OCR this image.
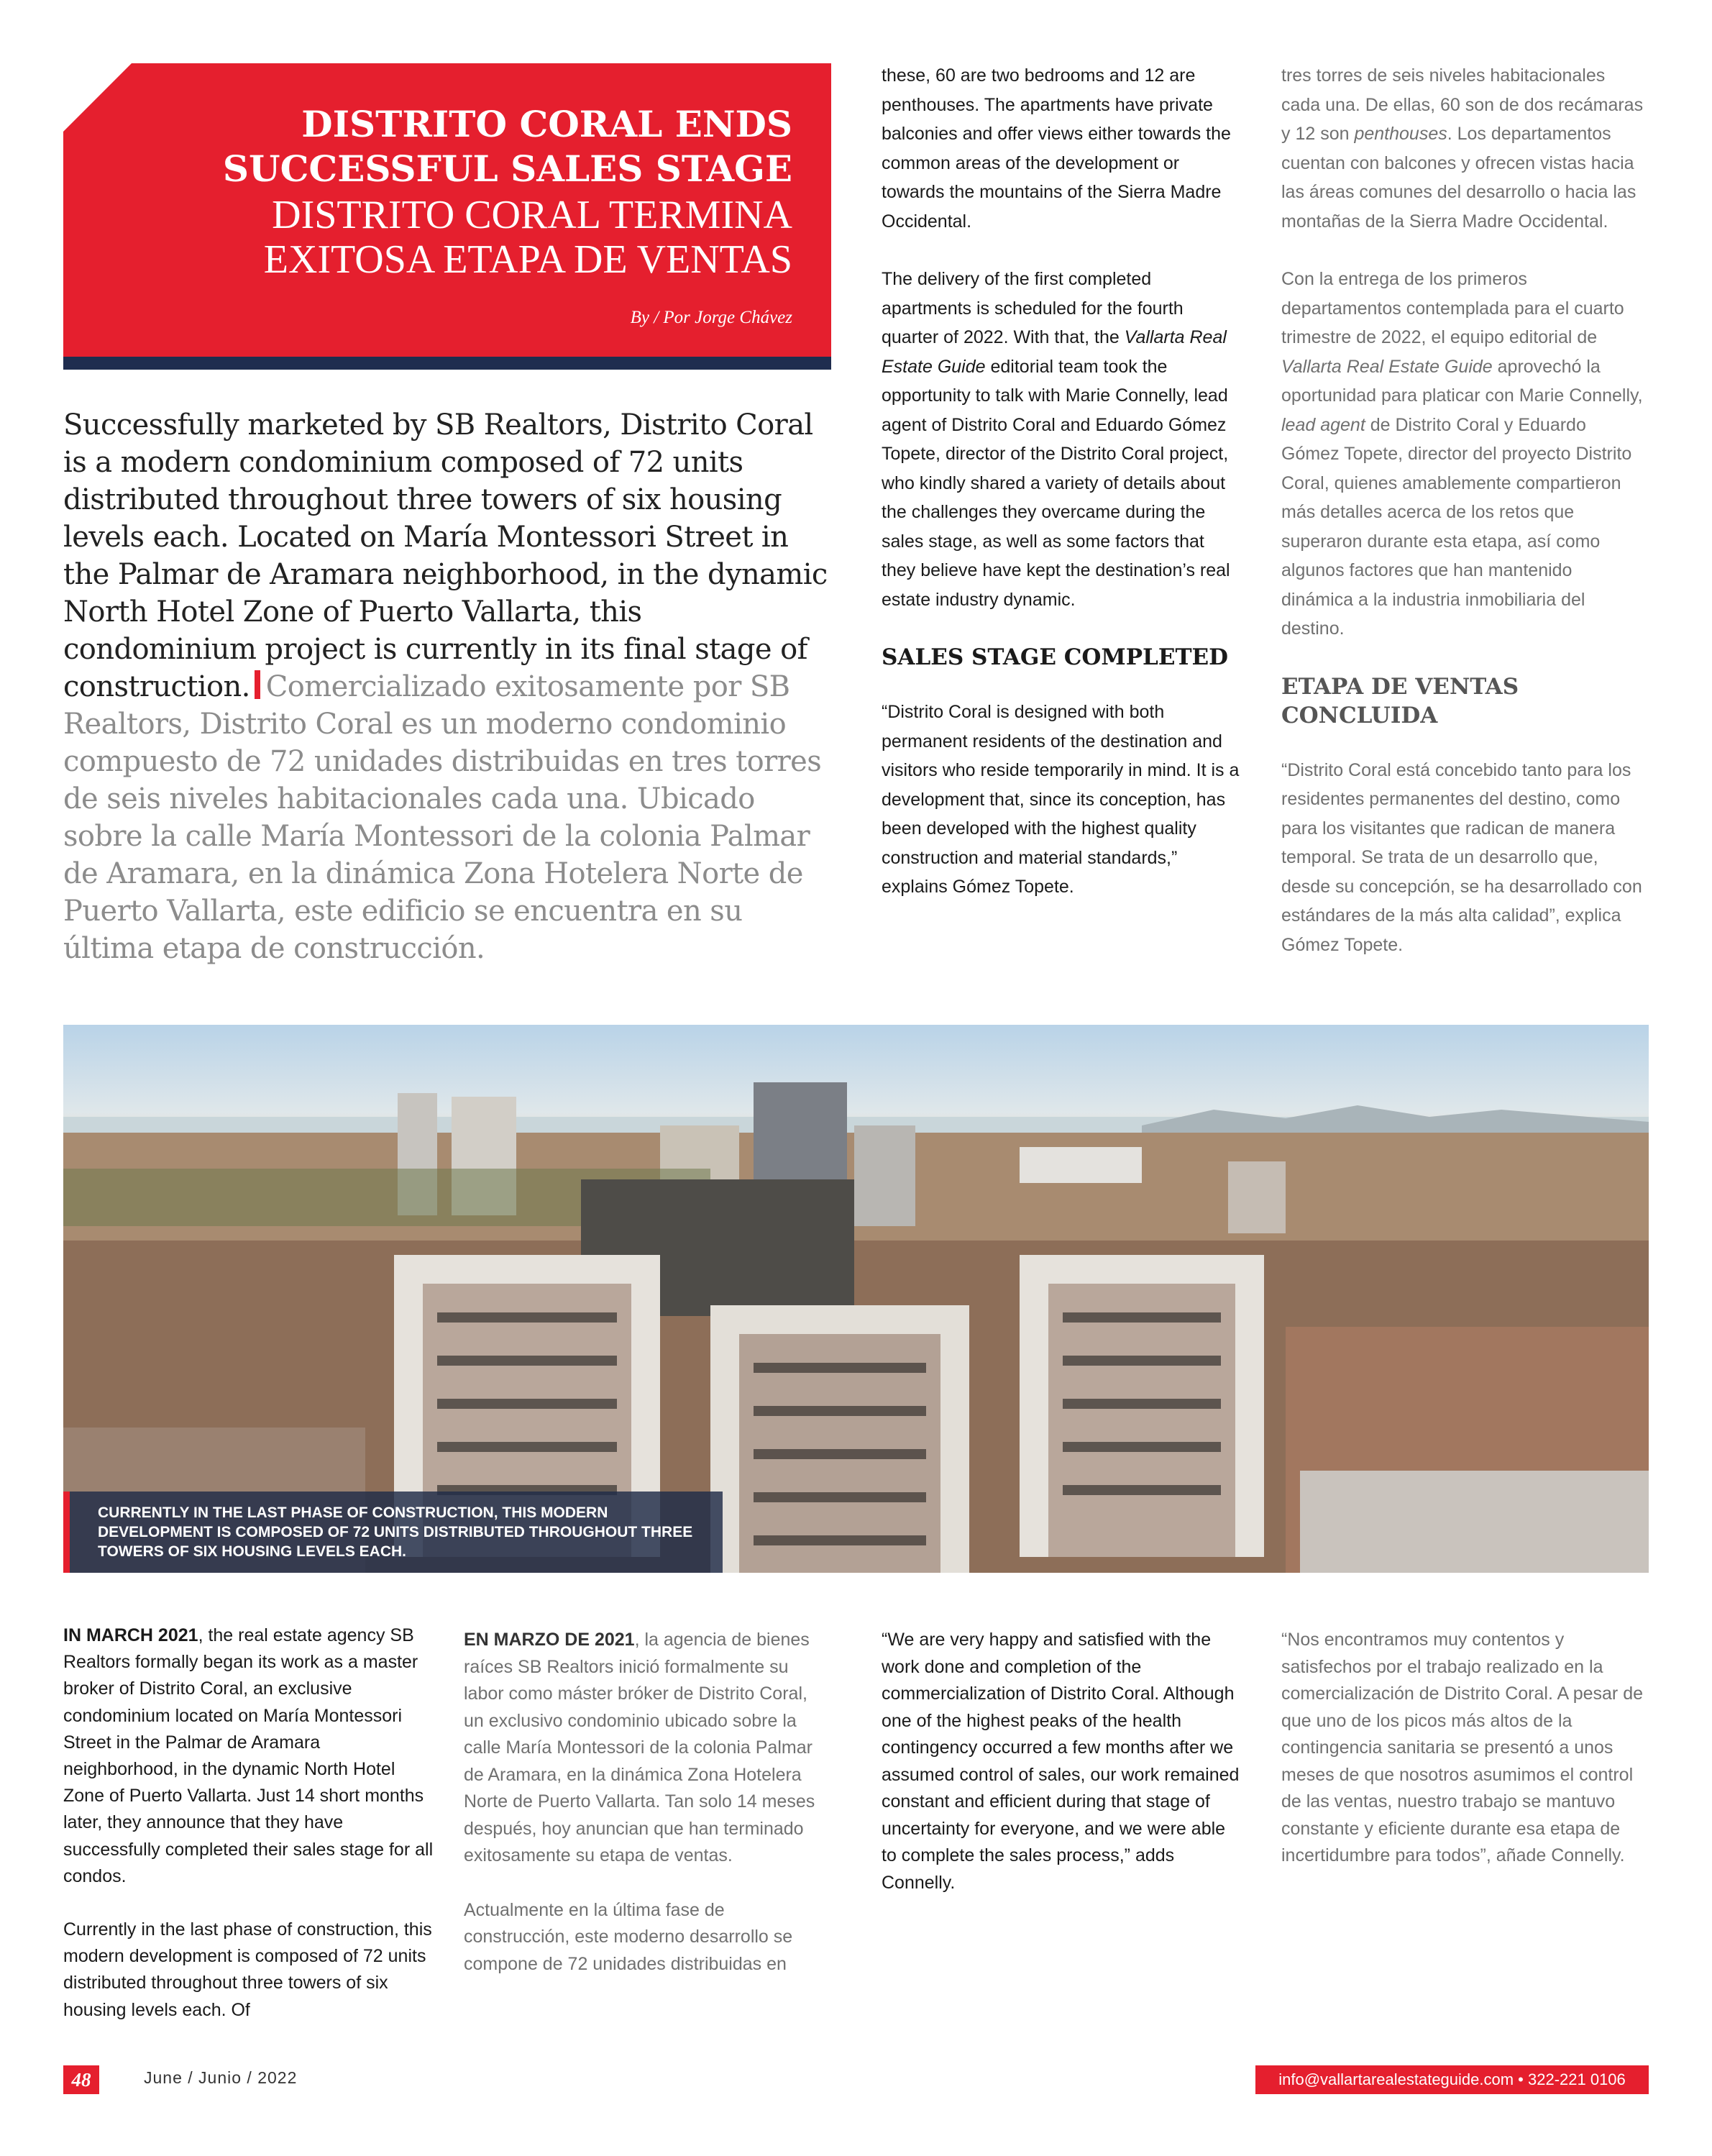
DISTRITO CORAL ENDS
SUCCESSFUL SALES STAGE
DISTRITO CORAL TERMINA
EXITOSA ETAPA DE VENTAS
By / Por Jorge Chávez
Successfully marketed by SB Realtors, Distrito Coral is a modern condominium composed of 72 units distributed throughout three towers of six housing levels each. Located on María Montessori Street in the Palmar de Aramara neighborhood, in the dynamic North Hotel Zone of Puerto Vallarta, this condominium project is currently in its final stage of construction. Comercializado exitosamente por SB Realtors, Distrito Coral es un moderno condominio compuesto de 72 unidades distribuidas en tres torres de seis niveles habitacionales cada una. Ubicado sobre la calle María Montessori de la colonia Palmar de Aramara, en la dinámica Zona Hotelera Norte de Puerto Vallarta, este edificio se encuentra en su última etapa de construcción.

these, 60 are two bedrooms and 12 are penthouses. The apartments have private balconies and offer views either towards the common areas of the development or towards the mountains of the Sierra Madre Occidental.

The delivery of the first completed apartments is scheduled for the fourth quarter of 2022. With that, the Vallarta Real Estate Guide editorial team took the opportunity to talk with Marie Connelly, lead agent of Distrito Coral and Eduardo Gómez Topete, director of the Distrito Coral project, who kindly shared a variety of details about the challenges they overcame during the sales stage, as well as some factors that they believe have kept the destination’s real estate industry dynamic.

SALES STAGE COMPLETED

“Distrito Coral is designed with both permanent residents of the destination and visitors who reside temporarily in mind. It is a development that, since its conception, has been developed with the highest quality construction and material standards,” explains Gómez Topete.

tres torres de seis niveles habitacionales cada una. De ellas, 60 son de dos recámaras y 12 son penthouses. Los departamentos cuentan con balcones y ofrecen vistas hacia las áreas comunes del desarrollo o hacia las montañas de la Sierra Madre Occidental.

Con la entrega de los primeros departamentos contemplada para el cuarto trimestre de 2022, el equipo editorial de Vallarta Real Estate Guide aprovechó la oportunidad para platicar con Marie Connelly, lead agent de Distrito Coral y Eduardo Gómez Topete, director del proyecto Distrito Coral, quienes amablemente compartieron más detalles acerca de los retos que superaron durante esta etapa, así como algunos factores que han mantenido dinámica a la industria inmobiliaria del destino.

ETAPA DE VENTAS CONCLUIDA

“Distrito Coral está concebido tanto para los residentes permanentes del destino, como para los visitantes que radican de manera temporal. Se trata de un desarrollo que, desde su concepción, se ha desarrollado con estándares de la más alta calidad”, explica Gómez Topete.

CURRENTLY IN THE LAST PHASE OF CONSTRUCTION, THIS MODERN DEVELOPMENT IS COMPOSED OF 72 UNITS DISTRIBUTED THROUGHOUT THREE TOWERS OF SIX HOUSING LEVELS EACH.

IN MARCH 2021, the real estate agency SB Realtors formally began its work as a master broker of Distrito Coral, an exclusive condominium located on María Montessori Street in the Palmar de Aramara neighborhood, in the dynamic North Hotel Zone of Puerto Vallarta. Just 14 short months later, they announce that they have successfully completed their sales stage for all condos.

Currently in the last phase of construction, this modern development is composed of 72 units distributed throughout three towers of six housing levels each. Of

EN MARZO DE 2021, la agencia de bienes raíces SB Realtors inició formalmente su labor como máster bróker de Distrito Coral, un exclusivo condominio ubicado sobre la calle María Montessori de la colonia Palmar de Aramara, en la dinámica Zona Hotelera Norte de Puerto Vallarta. Tan solo 14 meses después, hoy anuncian que han terminado exitosamente su etapa de ventas.

Actualmente en la última fase de construcción, este moderno desarrollo se compone de 72 unidades distribuidas en

“We are very happy and satisfied with the work done and completion of the commercialization of Distrito Coral. Although one of the highest peaks of the health contingency occurred a few months after we assumed control of sales, our work remained constant and efficient during that stage of uncertainty for everyone, and we were able to complete the sales process,” adds Connelly.

“Nos encontramos muy contentos y satisfechos por el trabajo realizado en la comercialización de Distrito Coral. A pesar de que uno de los picos más altos de la contingencia sanitaria se presentó a unos meses de que nosotros asumimos el control de las ventas, nuestro trabajo se mantuvo constante y eficiente durante esa etapa de incertidumbre para todos”, añade Connelly.

48	June / Junio / 2022	info@vallartarealestateguide.com • 322-221 0106
